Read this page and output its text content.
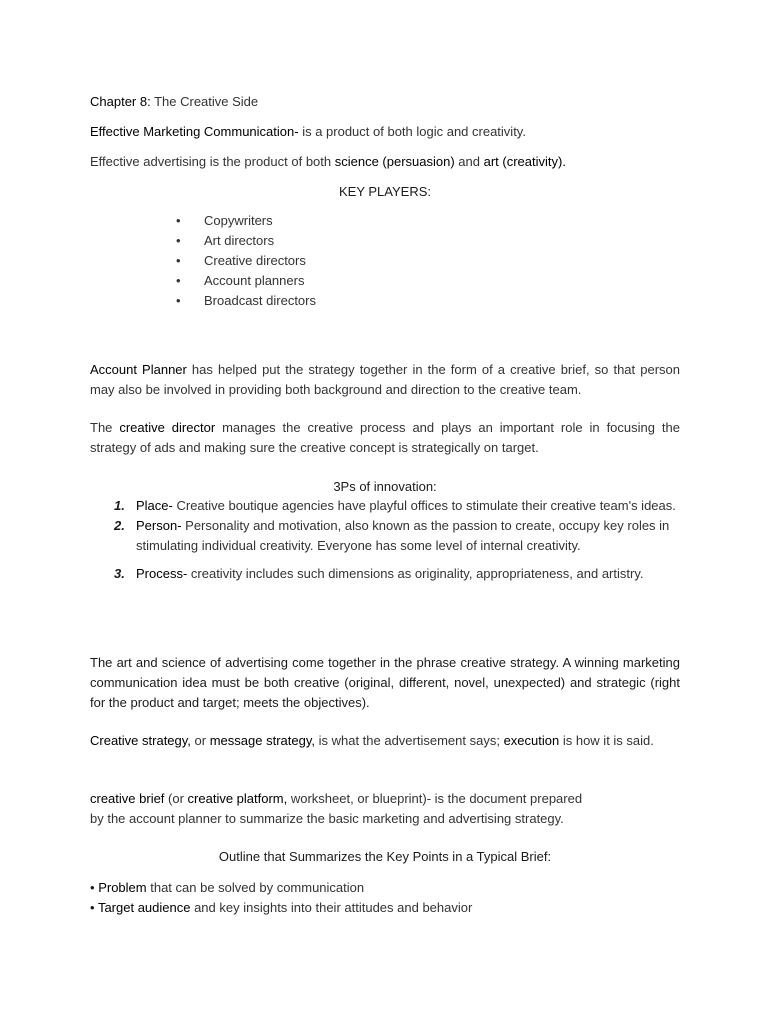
Chapter 8: The Creative Side

Effective Marketing Communication- is a product of both logic and creativity.

Effective advertising is the product of both science (persuasion) and art (creativity).

KEY PLAYERS:

• Copywriters
• Art directors
• Creative directors
• Account planners
• Broadcast directors

Account Planner has helped put the strategy together in the form of a creative brief, so that person may also be involved in providing both background and direction to the creative team.

The creative director manages the creative process and plays an important role in focusing the strategy of ads and making sure the creative concept is strategically on target.

3Ps of innovation:

1. Place- Creative boutique agencies have playful offices to stimulate their creative team's ideas.
2. Person- Personality and motivation, also known as the passion to create, occupy key roles in stimulating individual creativity. Everyone has some level of internal creativity.
3. Process- creativity includes such dimensions as originality, appropriateness, and artistry.

The art and science of advertising come together in the phrase creative strategy. A winning marketing communication idea must be both creative (original, different, novel, unexpected) and strategic (right for the product and target; meets the objectives).

Creative strategy, or message strategy, is what the advertisement says; execution is how it is said.

creative brief (or creative platform, worksheet, or blueprint)- is the document prepared
by the account planner to summarize the basic marketing and advertising strategy.

Outline that Summarizes the Key Points in a Typical Brief:

• Problem that can be solved by communication
• Target audience and key insights into their attitudes and behavior
